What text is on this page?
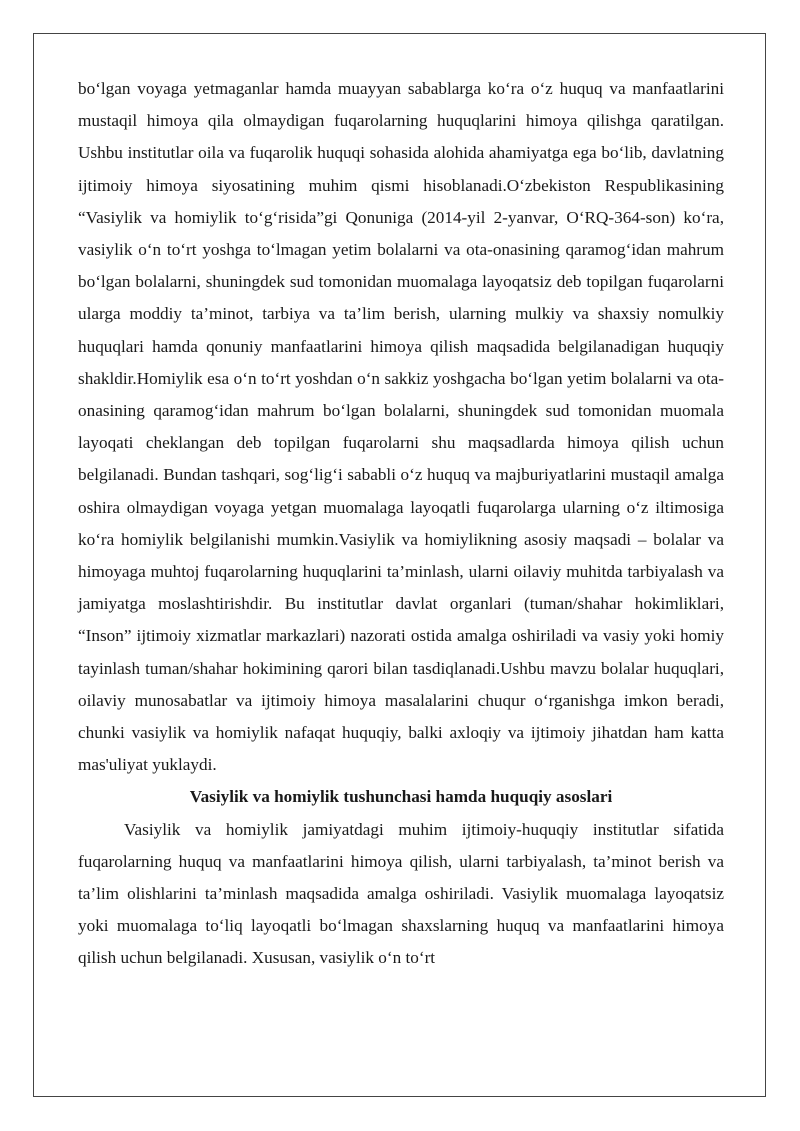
bo‘lgan voyaga yetmaganlar hamda muayyan sabablarga ko‘ra o‘z huquq va manfaatlarini mustaqil himoya qila olmaydigan fuqarolarning huquqlarini himoya qilishga qaratilgan. Ushbu institutlar oila va fuqarolik huquqi sohasida alohida ahamiyatga ega bo‘lib, davlatning ijtimoiy himoya siyosatining muhim qismi hisoblanadi.O‘zbekiston Respublikasining “Vasiylik va homiylik to‘g‘risida”gi Qonuniga (2014-yil 2-yanvar, O‘RQ-364-son) ko‘ra, vasiylik o‘n to‘rt yoshga to‘lmagan yetim bolalarni va ota-onasining qaramog‘idan mahrum bo‘lgan bolalarni, shuningdek sud tomonidan muomalaga layoqatsiz deb topilgan fuqarolarni ularga moddiy ta’minot, tarbiya va ta’lim berish, ularning mulkiy va shaxsiy nomulkiy huquqlari hamda qonuniy manfaatlarini himoya qilish maqsadida belgilanadigan huquqiy shakldir.Homiylik esa o‘n to‘rt yoshdan o‘n sakkiz yoshgacha bo‘lgan yetim bolalarni va ota-onasining qaramog‘idan mahrum bo‘lgan bolalarni, shuningdek sud tomonidan muomala layoqati cheklangan deb topilgan fuqarolarni shu maqsadlarda himoya qilish uchun belgilanadi. Bundan tashqari, sog‘lig‘i sababli o‘z huquq va majburiyatlarini mustaqil amalga oshira olmaydigan voyaga yetgan muomalaga layoqatli fuqarolarga ularning o‘z iltimosiga ko‘ra homiylik belgilanishi mumkin.Vasiylik va homiylikning asosiy maqsadi – bolalar va himoyaga muhtoj fuqarolarning huquqlarini ta’minlash, ularni oilaviy muhitda tarbiyalash va jamiyatga moslashtirishdir. Bu institutlar davlat organlari (tuman/shahar hokimliklari, “Inson” ijtimoiy xizmatlar markazlari) nazorati ostida amalga oshiriladi va vasiy yoki homiy tayinlash tuman/shahar hokimining qarori bilan tasdiqlanadi.Ushbu mavzu bolalar huquqlari, oilaviy munosabatlar va ijtimoiy himoya masalalarini chuqur o‘rganishga imkon beradi, chunki vasiylik va homiylik nafaqat huquqiy, balki axloqiy va ijtimoiy jihatdan ham katta mas'uliyat yuklaydi.

Vasiylik va homiylik tushunchasi hamda huquqiy asoslari

Vasiylik va homiylik jamiyatdagi muhim ijtimoiy-huquqiy institutlar sifatida fuqarolarning huquq va manfaatlarini himoya qilish, ularni tarbiyalash, ta’minot berish va ta’lim olishlarini ta’minlash maqsadida amalga oshiriladi. Vasiylik muomalaga layoqatsiz yoki muomalaga to‘liq layoqatli bo‘lmagan shaxslarning huquq va manfaatlarini himoya qilish uchun belgilanadi. Xususan, vasiylik o‘n to‘rt
